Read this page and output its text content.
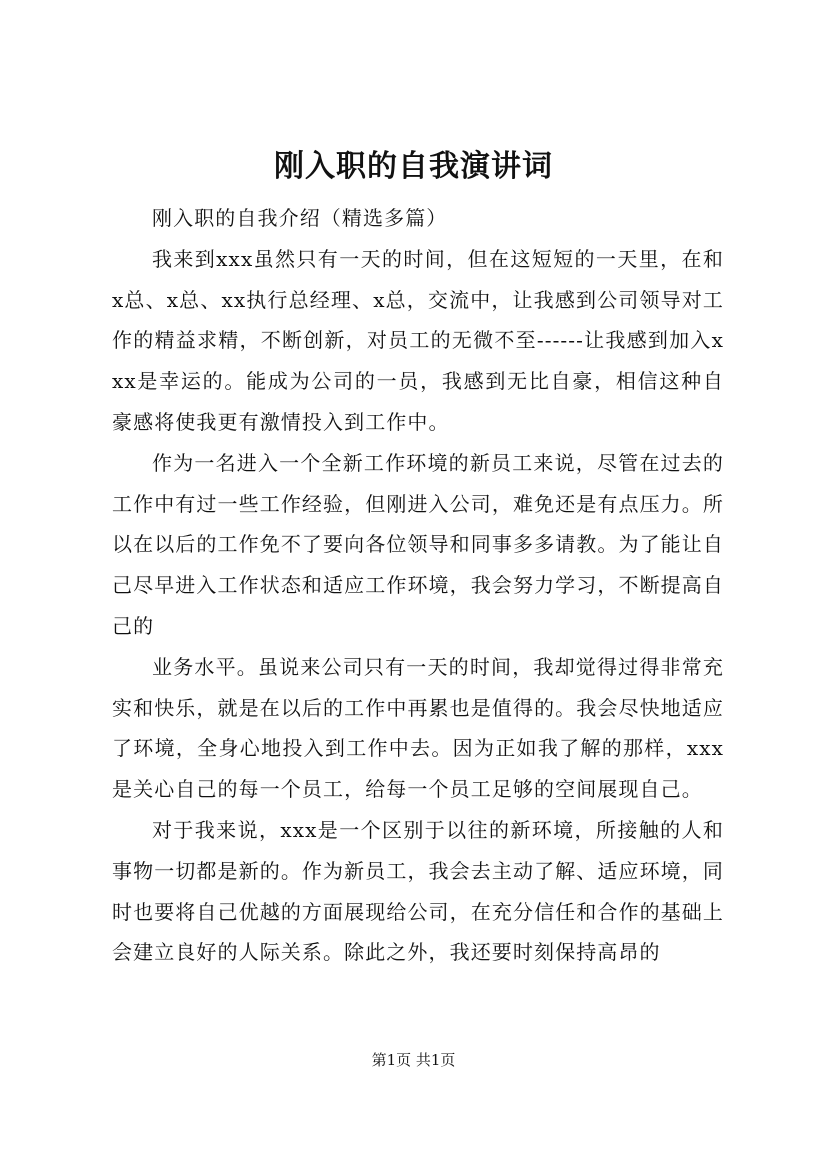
刚入职的自我演讲词

刚入职的自我介绍（精选多篇）

我来到xxx虽然只有一天的时间，但在这短短的一天里，在和x总、x总、xx执行总经理、x总，交流中，让我感到公司领导对工作的精益求精，不断创新，对员工的无微不至------让我感到加入xxx是幸运的。能成为公司的一员，我感到无比自豪，相信这种自豪感将使我更有激情投入到工作中。

作为一名进入一个全新工作环境的新员工来说，尽管在过去的工作中有过一些工作经验，但刚进入公司，难免还是有点压力。所以在以后的工作免不了要向各位领导和同事多多请教。为了能让自己尽早进入工作状态和适应工作环境，我会努力学习，不断提高自己的

业务水平。虽说来公司只有一天的时间，我却觉得过得非常充实和快乐，就是在以后的工作中再累也是值得的。我会尽快地适应了环境，全身心地投入到工作中去。因为正如我了解的那样，xxx是关心自己的每一个员工，给每一个员工足够的空间展现自己。

对于我来说，xxx是一个区别于以往的新环境，所接触的人和事物一切都是新的。作为新员工，我会去主动了解、适应环境，同时也要将自己优越的方面展现给公司，在充分信任和合作的基础上会建立良好的人际关系。除此之外，我还要时刻保持高昂的

第1页 共1页
